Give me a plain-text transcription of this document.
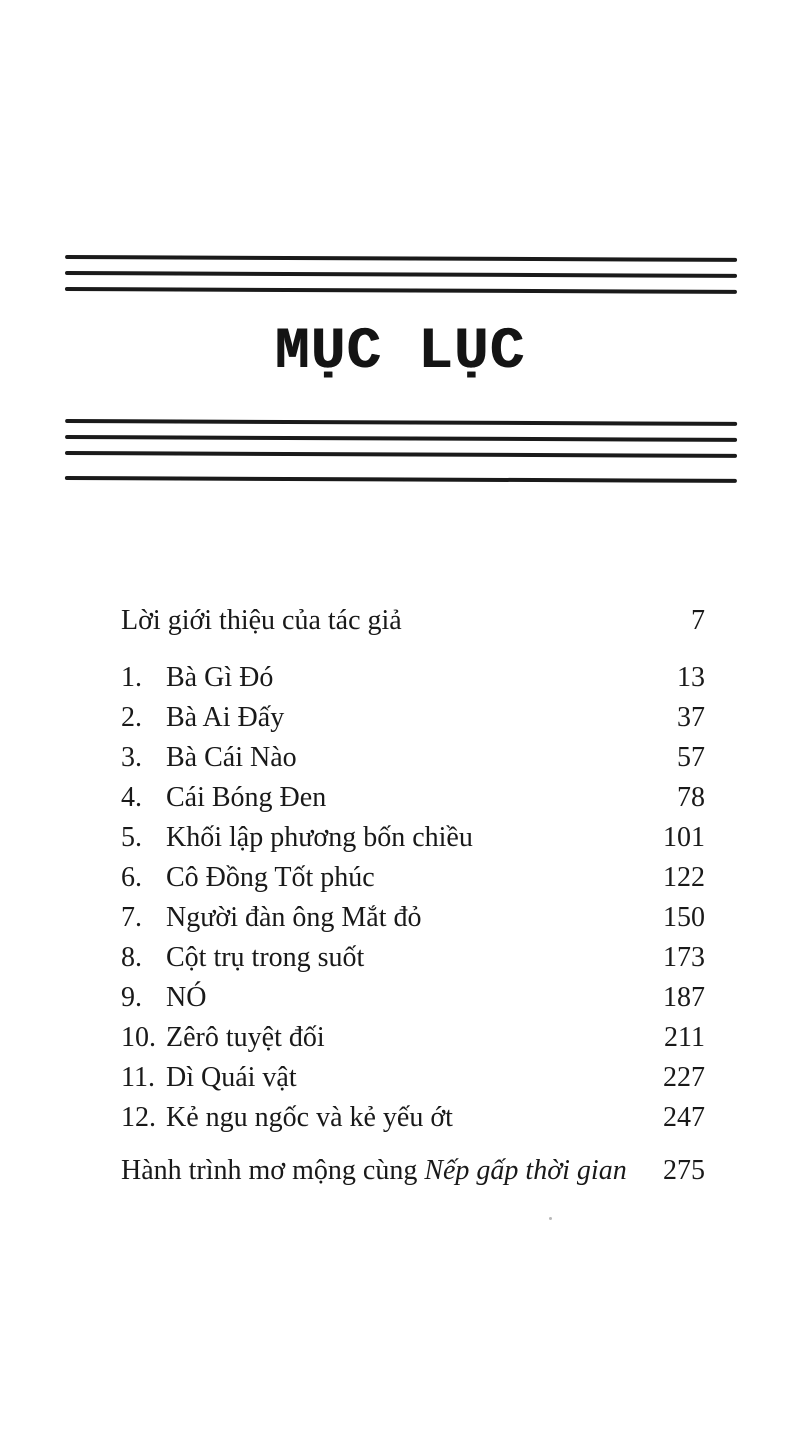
MỤC LỤC
Lời giới thiệu của tác giả	7
1. Bà Gì Đó	13
2. Bà Ai Đấy	37
3. Bà Cái Nào	57
4. Cái Bóng Đen	78
5. Khối lập phương bốn chiều	101
6. Cô Đồng Tốt phúc	122
7. Người đàn ông Mắt đỏ	150
8. Cột trụ trong suốt	173
9. NÓ	187
10. Zêrô tuyệt đối	211
11. Dì Quái vật	227
12. Kẻ ngu ngốc và kẻ yếu ớt	247
Hành trình mơ mộng cùng Nếp gấp thời gian 275
